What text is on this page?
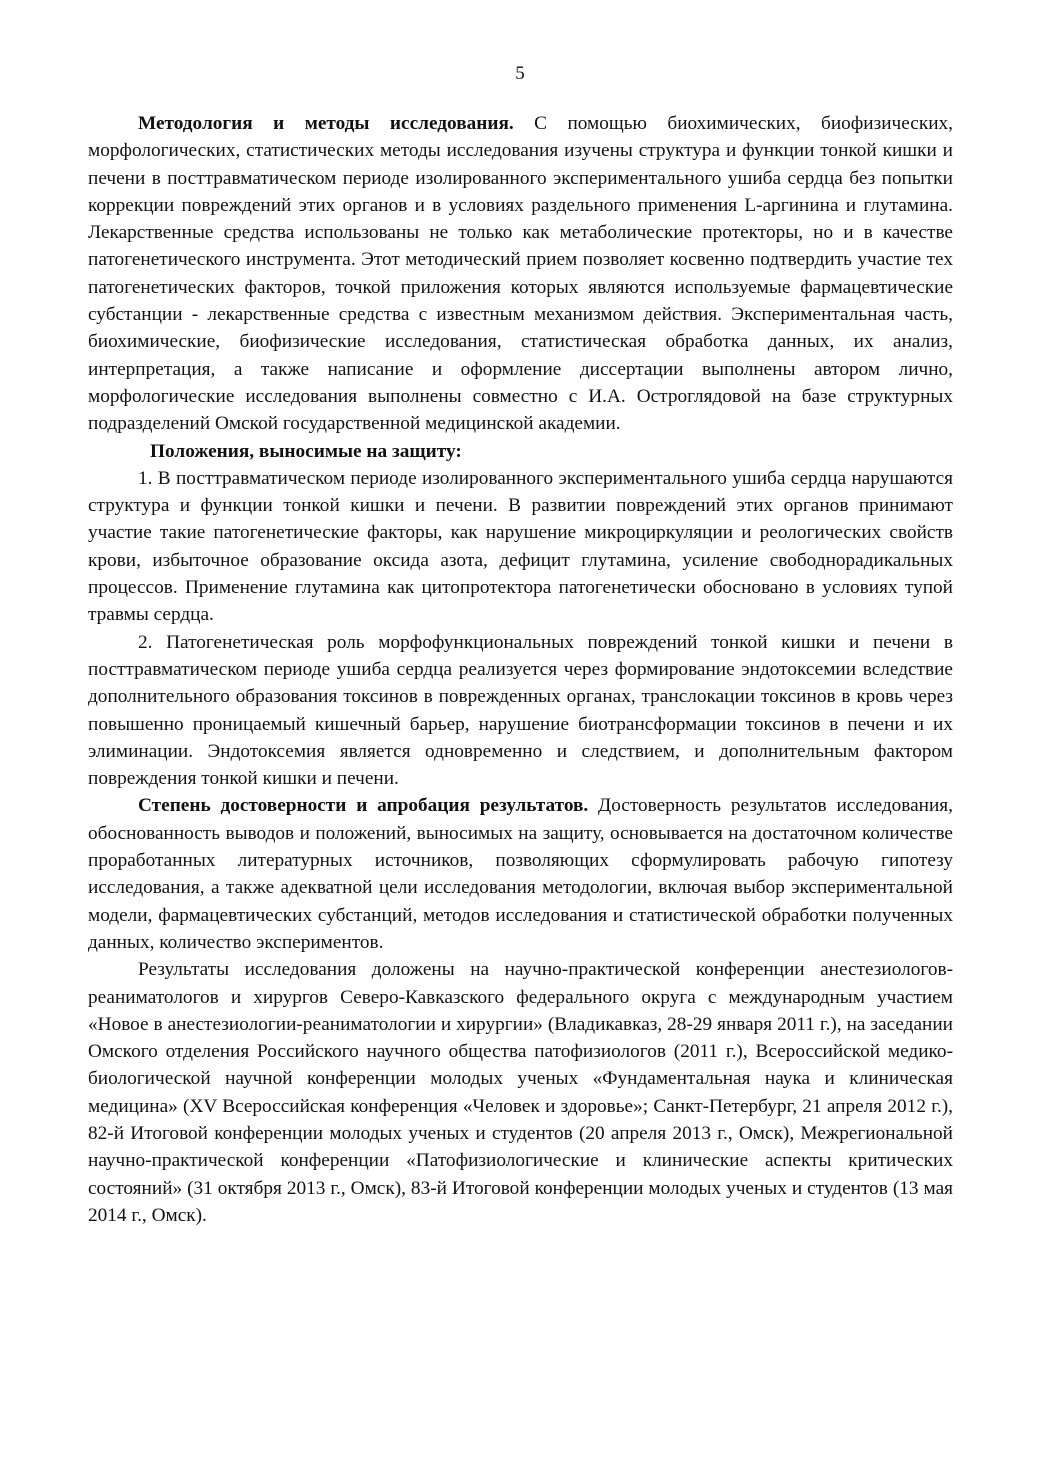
5

Методология и методы исследования. С помощью биохимических, биофизических, морфологических, статистических методы исследования изучены структура и функции тонкой кишки и печени в посттравматическом периоде изолированного экспериментального ушиба сердца без попытки коррекции повреждений этих органов и в условиях раздельного применения L-аргинина и глутамина. Лекарственные средства использованы не только как метаболические протекторы, но и в качестве патогенетического инструмента. Этот методический прием позволяет косвенно подтвердить участие тех патогенетических факторов, точкой приложения которых являются используемые фармацевтические субстанции - лекарственные средства с известным механизмом действия. Экспериментальная часть, биохимические, биофизические исследования, статистическая обработка данных, их анализ, интерпретация, а также написание и оформление диссертации выполнены автором лично, морфологические исследования выполнены совместно с И.А. Остроглядовой на базе структурных подразделений Омской государственной медицинской академии.

Положения, выносимые на защиту:

1. В посттравматическом периоде изолированного экспериментального ушиба сердца нарушаются структура и функции тонкой кишки и печени. В развитии повреждений этих органов принимают участие такие патогенетические факторы, как нарушение микроциркуляции и реологических свойств крови, избыточное образование оксида азота, дефицит глутамина, усиление свободнорадикальных процессов. Применение глутамина как цитопротектора патогенетически обосновано в условиях тупой травмы сердца.

2. Патогенетическая роль морфофункциональных повреждений тонкой кишки и печени в посттравматическом периоде ушиба сердца реализуется через формирование эндотоксемии вследствие дополнительного образования токсинов в поврежденных органах, транслокации токсинов в кровь через повышенно проницаемый кишечный барьер, нарушение биотрансформации токсинов в печени и их элиминации. Эндотоксемия является одновременно и следствием, и дополнительным фактором повреждения тонкой кишки и печени.

Степень достоверности и апробация результатов. Достоверность результатов исследования, обоснованность выводов и положений, выносимых на защиту, основывается на достаточном количестве проработанных литературных источников, позволяющих сформулировать рабочую гипотезу исследования, а также адекватной цели исследования методологии, включая выбор экспериментальной модели, фармацевтических субстанций, методов исследования и статистической обработки полученных данных, количество экспериментов.

Результаты исследования доложены на научно-практической конференции анестезиологов-реаниматологов и хирургов Северо-Кавказского федерального округа с международным участием «Новое в анестезиологии-реаниматологии и хирургии» (Владикавказ, 28-29 января 2011 г.), на заседании Омского отделения Российского научного общества патофизиологов (2011 г.), Всероссийской медико-биологической научной конференции молодых ученых «Фундаментальная наука и клиническая медицина» (XV Всероссийская конференция «Человек и здоровье»; Санкт-Петербург, 21 апреля 2012 г.), 82-й Итоговой конференции молодых ученых и студентов (20 апреля 2013 г., Омск), Межрегиональной научно-практической конференции «Патофизиологические и клинические аспекты критических состояний» (31 октября 2013 г., Омск), 83-й Итоговой конференции молодых ученых и студентов (13 мая 2014 г., Омск).
